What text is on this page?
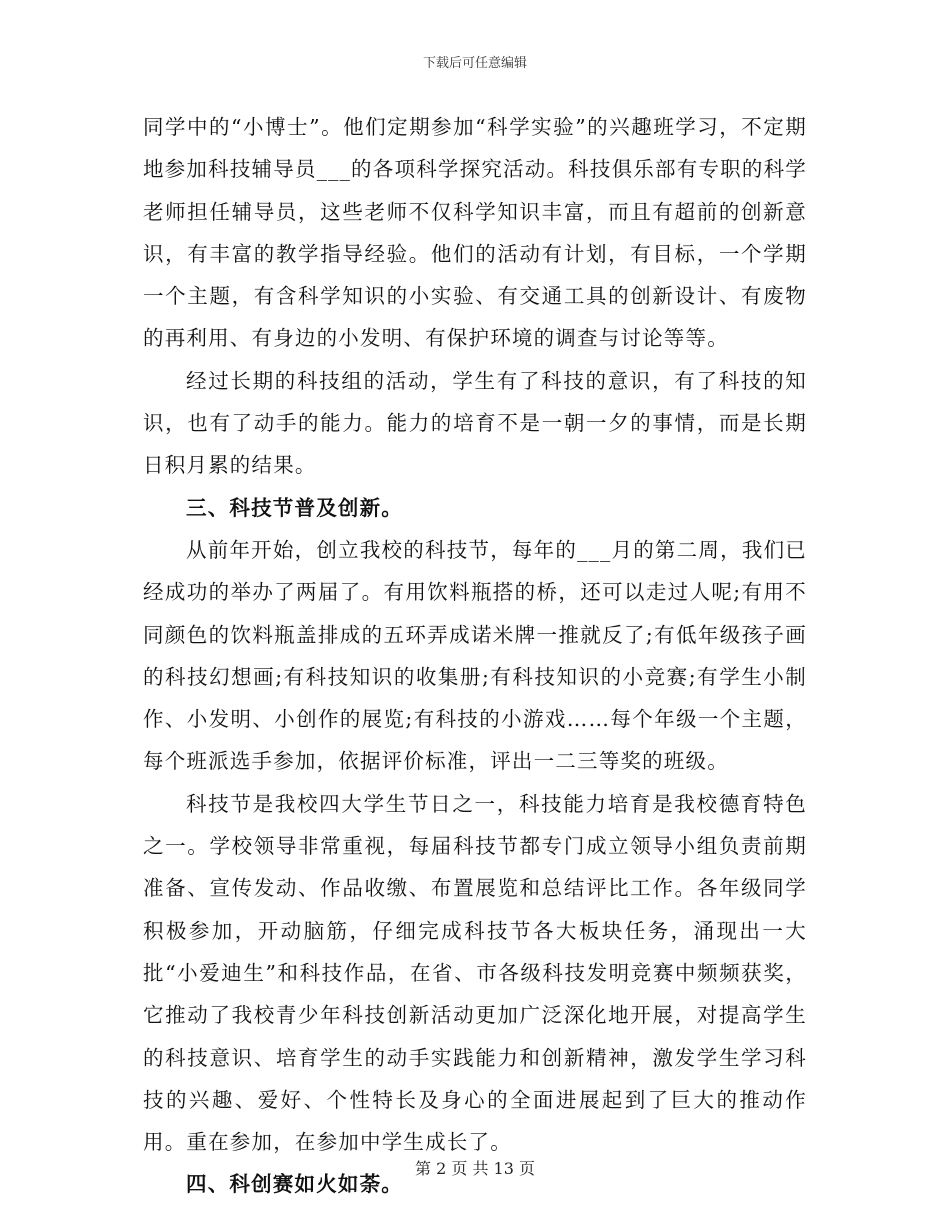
下载后可任意编辑

同学中的“小博士”。他们定期参加“科学实验”的兴趣班学习，不定期地参加科技辅导员___的各项科学探究活动。科技俱乐部有专职的科学老师担任辅导员，这些老师不仅科学知识丰富，而且有超前的创新意识，有丰富的教学指导经验。他们的活动有计划，有目标，一个学期一个主题，有含科学知识的小实验、有交通工具的创新设计、有废物的再利用、有身边的小发明、有保护环境的调查与讨论等等。

经过长期的科技组的活动，学生有了科技的意识，有了科技的知识，也有了动手的能力。能力的培育不是一朝一夕的事情，而是长期日积月累的结果。

三、科技节普及创新。

从前年开始，创立我校的科技节，每年的___月的第二周，我们已经成功的举办了两届了。有用饮料瓶搭的桥，还可以走过人呢;有用不同颜色的饮料瓶盖排成的五环弄成诺米牌一推就反了;有低年级孩子画的科技幻想画;有科技知识的收集册;有科技知识的小竞赛;有学生小制作、小发明、小创作的展览;有科技的小游戏……每个年级一个主题，每个班派选手参加，依据评价标准，评出一二三等奖的班级。

科技节是我校四大学生节日之一，科技能力培育是我校德育特色之一。学校领导非常重视，每届科技节都专门成立领导小组负责前期准备、宣传发动、作品收缴、布置展览和总结评比工作。各年级同学积极参加，开动脑筋，仔细完成科技节各大板块任务，涌现出一大批“小爱迪生”和科技作品，在省、市各级科技发明竞赛中频频获奖，它推动了我校青少年科技创新活动更加广泛深化地开展，对提高学生的科技意识、培育学生的动手实践能力和创新精神，激发学生学习科技的兴趣、爱好、个性特长及身心的全面进展起到了巨大的推动作用。重在参加，在参加中学生成长了。

四、科创赛如火如荼。

第 2 页 共 13 页
